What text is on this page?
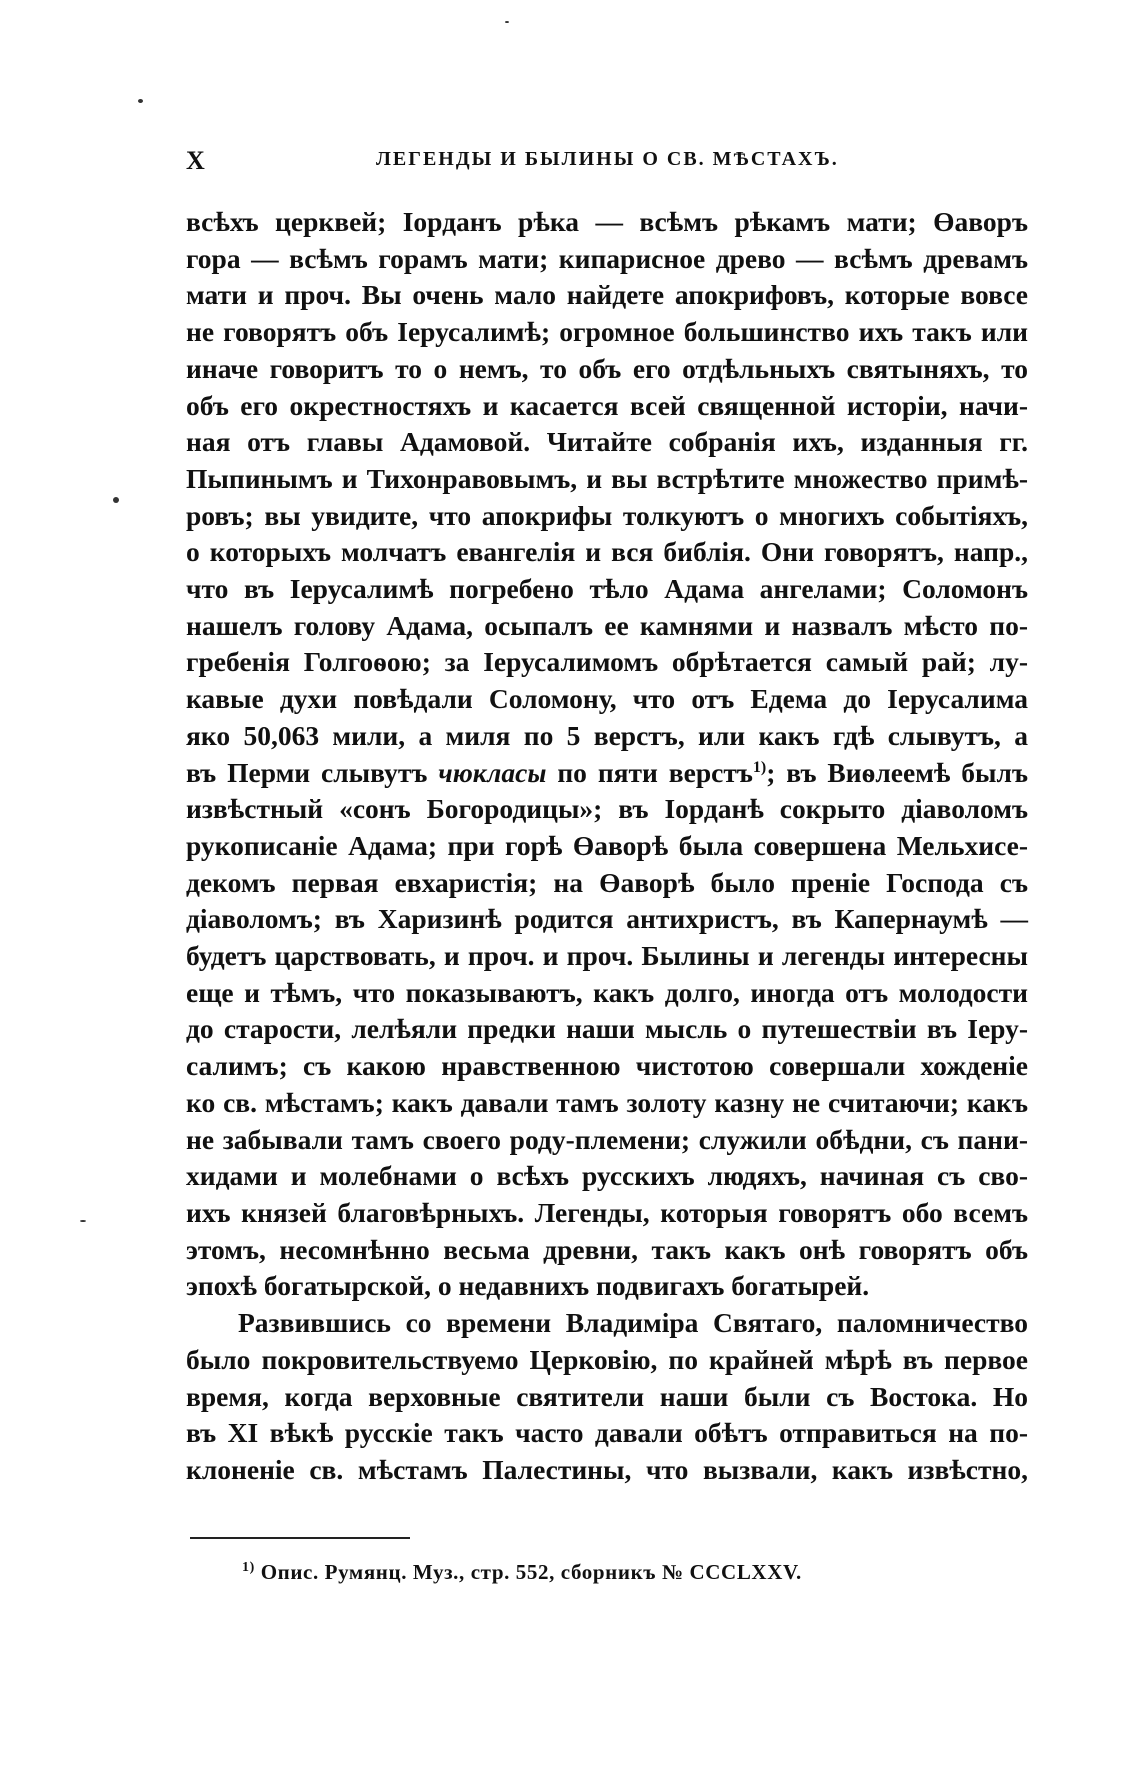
X	ЛЕГЕНДЫ И БЫЛИНЫ О СВ. МѢСТАХЪ.
всѣхъ церквей; Іорданъ рѣка — всѣмъ рѣкамъ мати; Өаворъ
гора — всѣмъ горамъ мати; кипарисное древо — всѣмъ древамъ
мати и проч. Вы очень мало найдете апокрифовъ, которые вовсе
не говорятъ объ Іерусалимѣ; огромное большинство ихъ такъ или
иначе говоритъ то о немъ, то объ его отдѣльныхъ святыняхъ, то
объ его окрестностяхъ и касается всей священной исторіи, начи-
ная отъ главы Адамовой. Читайте собранія ихъ, изданныя гг.
Пыпинымъ и Тихонравовымъ, и вы встрѣтите множество примѣ-
ровъ; вы увидите, что апокрифы толкуютъ о многихъ событіяхъ,
о которыхъ молчатъ евангелія и вся библія. Они говорятъ, напр.,
что въ Іерусалимѣ погребено тѣло Адама ангелами; Соломонъ
нашелъ голову Адама, осыпалъ ее камнями и назвалъ мѣсто по-
гребенія Голгоѳою; за Іерусалимомъ обрѣтается самый рай; лу-
кавые духи повѣдали Соломону, что отъ Едема до Іерусалима
яко 50,063 мили, а миля по 5 верстъ, или какъ гдѣ слывутъ, а
въ Перми слывутъ чюкласы по пяти верстъ$^{1)}$; въ Виѳлеемѣ былъ
извѣстный «сонъ Богородицы»; въ Іорданѣ сокрыто діаволомъ
рукописаніе Адама; при горѣ Өаворѣ была совершена Мельхисе-
декомъ первая евхаристія; на Өаворѣ было преніе Господа съ
діаволомъ; въ Харизинѣ родится антихристъ, въ Капернаумѣ —
будетъ царствовать, и проч. и проч. Былины и легенды интересны
еще и тѣмъ, что показываютъ, какъ долго, иногда отъ молодости
до старости, лелѣяли предки наши мысль о путешествіи въ Іеру-
салимъ; съ какою нравственною чистотою совершали хожденіе
ко св. мѣстамъ; какъ давали тамъ золоту казну не считаючи; какъ
не забывали тамъ своего роду-племени; служили обѣдни, съ пани-
хидами и молебнами о всѣхъ русскихъ людяхъ, начиная съ сво-
ихъ князей благовѣрныхъ. Легенды, которыя говорятъ обо всемъ
этомъ, несомнѣнно весьма древни, такъ какъ онѣ говорятъ объ
эпохѣ богатырской, о недавнихъ подвигахъ богатырей.
Развившись со времени Владиміра Святаго, паломничество
было покровительствуемо Церковію, по крайней мѣрѣ въ первое
время, когда верховные святители наши были съ Востока. Но
въ XI вѣкѣ русскіе такъ часто давали обѣтъ отправиться на по-
клоненіе св. мѣстамъ Палестины, что вызвали, какъ извѣстно,
$^{1)}$ Опис. Румянц. Муз., стр. 552, сборникъ № CCCLXXV.
